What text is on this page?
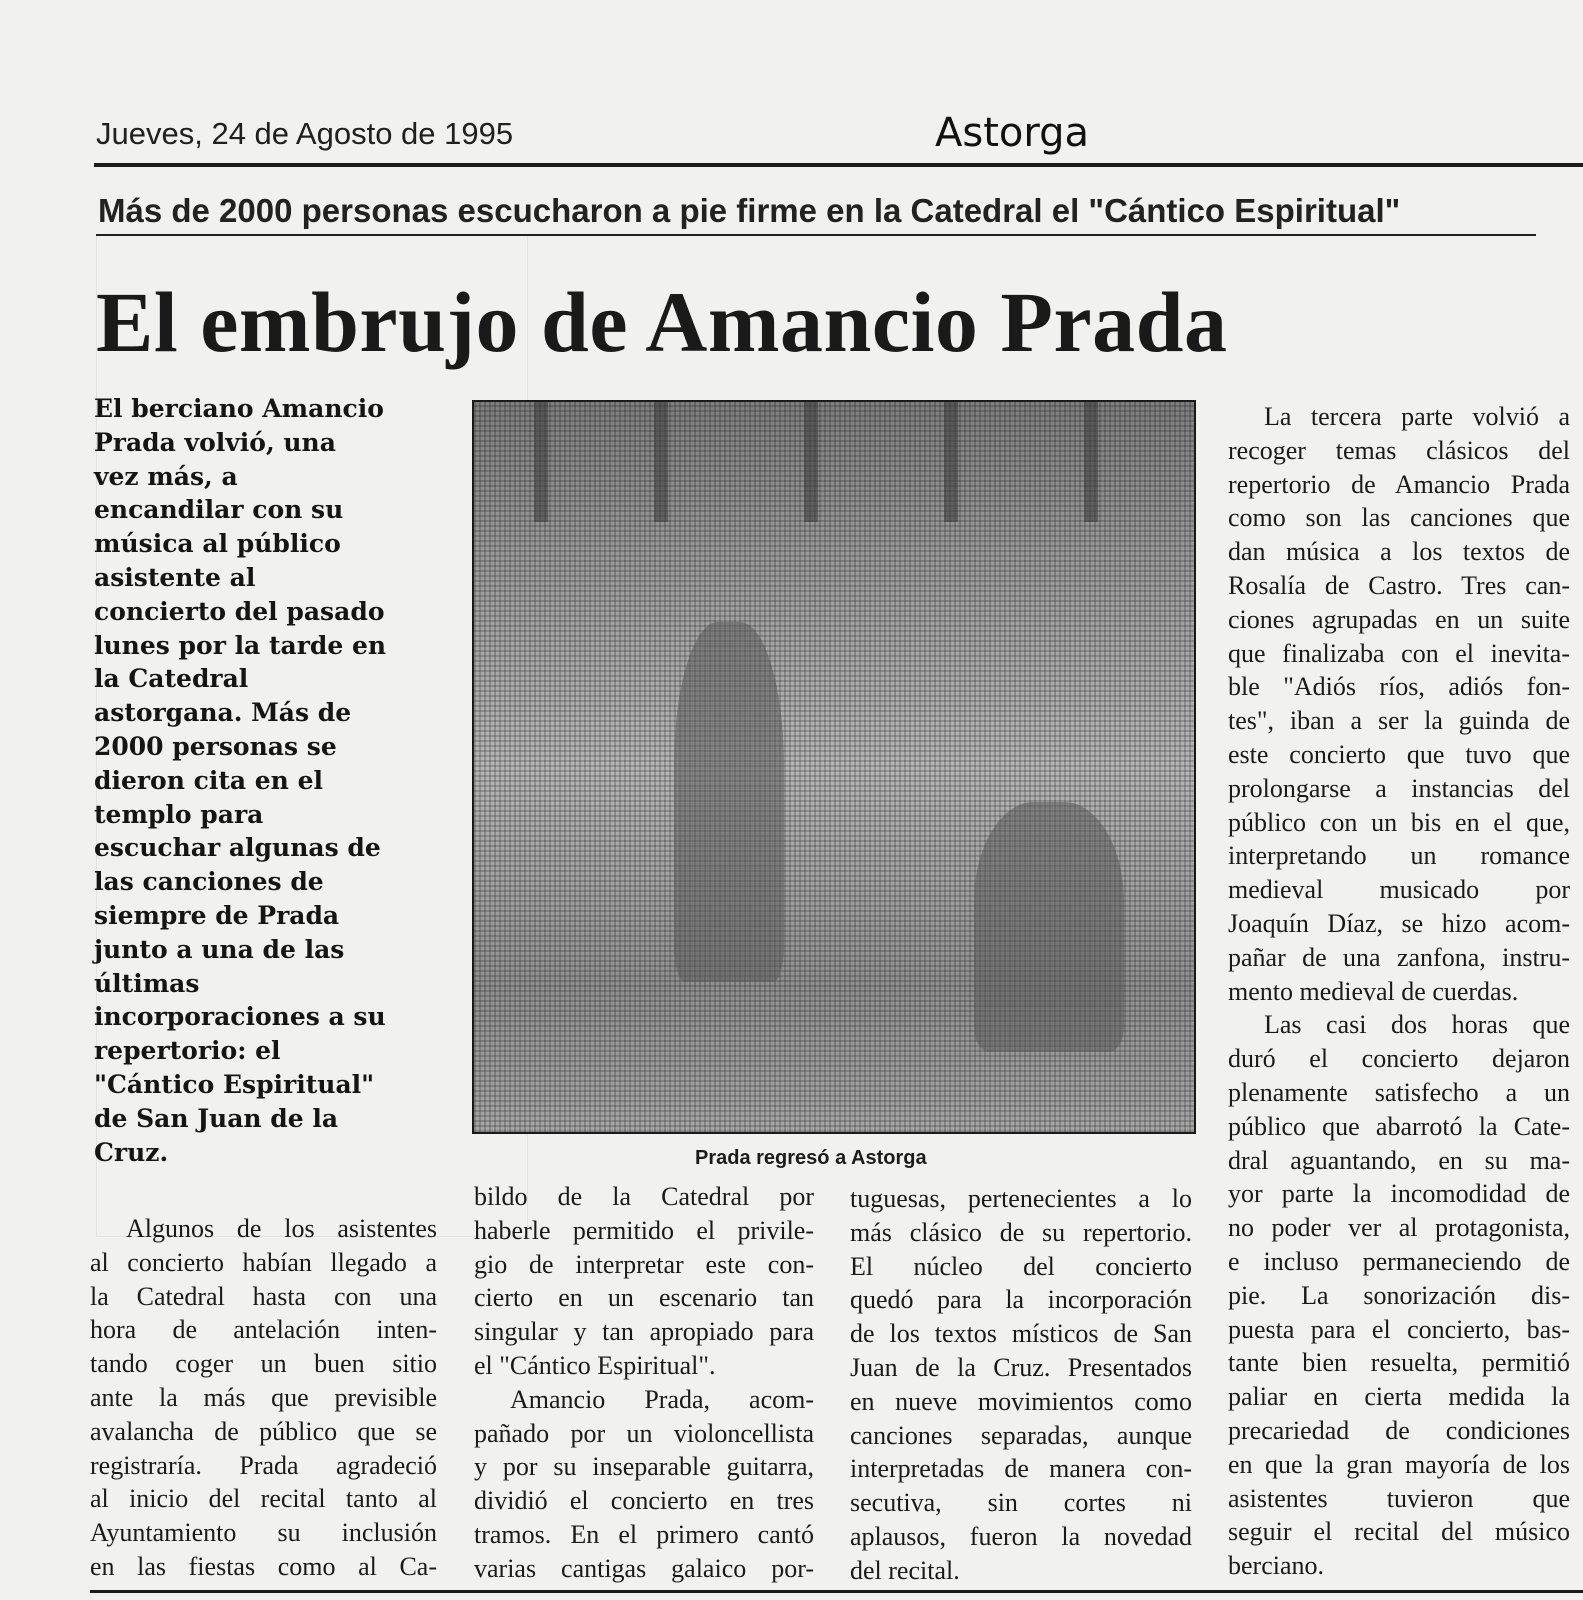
Jueves, 24 de Agosto de 1995	Astorga
Más de 2000 personas escucharon a pie firme en la Catedral el "Cántico Espiritual"
El embrujo de Amancio Prada
El berciano Amancio
Prada volvió, una
vez más, a
encandilar con su
música al público
asistente al
concierto del pasado
lunes por la tarde en
la Catedral
astorgana. Más de
2000 personas se
dieron cita en el
templo para
escuchar algunas de
las canciones de
siempre de Prada
junto a una de las
últimas
incorporaciones a su
repertorio: el
"Cántico Espiritual"
de San Juan de la
Cruz.	Prada regresó a Astorga
Algunos de los asistentes
al concierto habían llegado a
la Catedral hasta con una
hora de antelación inten-
tando coger un buen sitio
ante la más que previsible
avalancha de público que se
registraría. Prada agradeció
al inicio del recital tanto al
Ayuntamiento su inclusión
en las fiestas como al Ca-
bildo de la Catedral por
haberle permitido el privile-
gio de interpretar este con-
cierto en un escenario tan
singular y tan apropiado para
el "Cántico Espiritual".
Amancio Prada, acom-
pañado por un violoncellista
y por su inseparable guitarra,
dividió el concierto en tres
tramos. En el primero cantó
varias cantigas galaico por-
tuguesas, pertenecientes a lo
más clásico de su repertorio.
El núcleo del concierto
quedó para la incorporación
de los textos místicos de San
Juan de la Cruz. Presentados
en nueve movimientos como
canciones separadas, aunque
interpretadas de manera con-
secutiva, sin cortes ni
aplausos, fueron la novedad
del recital.
La tercera parte volvió a
recoger temas clásicos del
repertorio de Amancio Prada
como son las canciones que
dan música a los textos de
Rosalía de Castro. Tres can-
ciones agrupadas en un suite
que finalizaba con el inevita-
ble "Adiós ríos, adiós fon-
tes", iban a ser la guinda de
este concierto que tuvo que
prolongarse a instancias del
público con un bis en el que,
interpretando un romance
medieval musicado por
Joaquín Díaz, se hizo acom-
pañar de una zanfona, instru-
mento medieval de cuerdas.
Las casi dos horas que
duró el concierto dejaron
plenamente satisfecho a un
público que abarrotó la Cate-
dral aguantando, en su ma-
yor parte la incomodidad de
no poder ver al protagonista,
e incluso permaneciendo de
pie. La sonorización dis-
puesta para el concierto, bas-
tante bien resuelta, permitió
paliar en cierta medida la
precariedad de condiciones
en que la gran mayoría de los
asistentes tuvieron que
seguir el recital del músico
berciano.
